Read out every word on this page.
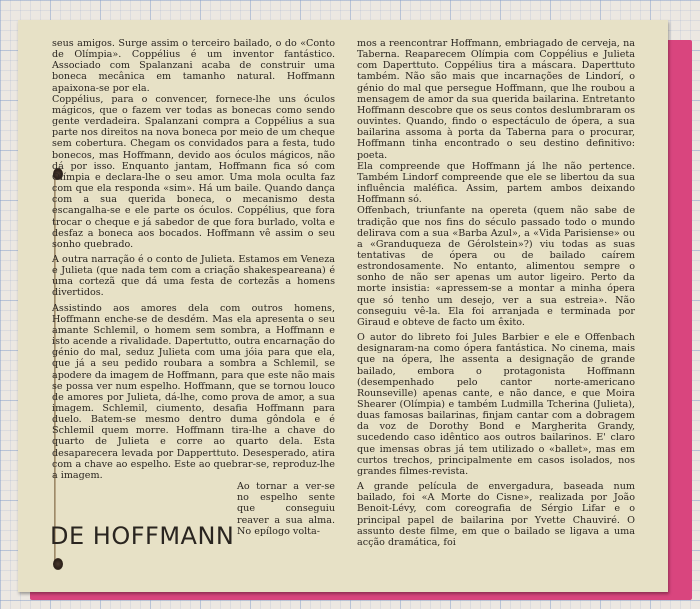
seus amigos. Surge assim o terceiro bailado, o do «Conto de Olímpia». Coppélius é um inventor fantástico. Associado com Spalanzani acaba de construir uma boneca mecânica em tamanho natural. Hoffmann apaixona-se por ela.

Coppélius, para o convencer, fornece-lhe uns óculos mágicos, que o fazem ver todas as bonecas como sendo gente verdadeira. Spalanzani compra a Coppélius a sua parte nos direitos na nova boneca por meio de um cheque sem cobertura. Chegam os convidados para a festa, tudo bonecos, mas Hoffmann, devido aos óculos mágicos, não dá por isso. Enquanto jantam, Hoffmann fica só com Olímpia e declara-lhe o seu amor. Uma mola oculta faz com que ela responda «sim». Há um baile. Quando dança com a sua querida boneca, o mecanismo desta escangalha-se e ele parte os óculos. Coppélius, que fora trocar o cheque e já sabedor de que fora burlado, volta e desfaz a boneca aos bocados. Hoffmann vê assim o seu sonho quebrado.

A outra narração é o conto de Julieta. Estamos em Veneza e Julieta (que nada tem com a criação shakespeareana) é uma cortezã que dá uma festa de cortezãs a homens divertidos.

Assistindo aos amores dela com outros homens, Hoffmann enche-se de desdém. Mas ela apresenta o seu amante Schlemil, o homem sem sombra, a Hoffmann e isto acende a rivalidade. Dapertutto, outra encarnação do génio do mal, seduz Julieta com uma jóia para que ela, que já a seu pedido roubara a sombra a Schlemil, se apodere da imagem de Hoffmann, para que este não mais se possa ver num espelho. Hoffmann, que se tornou louco de amores por Julieta, dá-lhe, como prova de amor, a sua imagem. Schlemil, ciumento, desafia Hoffmann para duelo. Batem-se mesmo dentro duma gôndola e é Schlemil quem morre. Hoffmann tira-lhe a chave do quarto de Julieta e corre ao quarto dela. Esta desaparecera levada por Dapperttuto. Desesperado, atira com a chave ao espelho. Este ao quebrar-se, reproduz-lhe a imagem.

Ao tornar a ver-se no espelho sente que conseguiu reaver a sua alma. No epílogo volta-

DE HOFFMANN

mos a reencontrar Hoffmann, embriagado de cerveja, na Taberna. Reaparecem Olímpia com Coppélius e Julieta com Daperttuto. Coppélius tira a máscara. Daperttuto também. Não são mais que incarnações de Lindorí, o génio do mal que persegue Hoffmann, que lhe roubou a mensagem de amor da sua querida bailarina. Entretanto Hoffmann descobre que os seus contos deslumbraram os ouvintes. Quando, findo o espectáculo de ópera, a sua bailarina assoma à porta da Taberna para o procurar, Hoffmann tinha encontrado o seu destino definitivo: poeta.

Ela compreende que Hoffmann já lhe não pertence. Também Lindorf compreende que ele se libertou da sua influência maléfica. Assim, partem ambos deixando Hoffmann só.

Offenbach, triunfante na opereta (quem não sabe de tradição que nos fins do século passado todo o mundo delirava com a sua «Barba Azul», a «Vida Parisiense» ou a «Granduqueza de Gérolstein»?) viu todas as suas tentativas de ópera ou de bailado caírem estrondosamente. No entanto, alimentou sempre o sonho de não ser apenas um autor ligeiro. Perto da morte insistia: «apressem-se a montar a minha ópera que só tenho um desejo, ver a sua estreia». Não conseguiu vê-la. Ela foi arranjada e terminada por Giraud e obteve de facto um êxito.

O autor do libreto foi Jules Barbier e ele e Offenbach designaram-na como ópera fantástica. No cinema, mais que na ópera, lhe assenta a designação de grande bailado, embora o protagonista Hoffmann (desempenhado pelo cantor norte-americano Rounseville) apenas cante, e não dance, e que Moira Shearer (Olímpia) e também Ludmilla Tcherina (Julieta), duas famosas bailarinas, finjam cantar com a dobragem da voz de Dorothy Bond e Margherita Grandy, sucedendo caso idêntico aos outros bailarinos. E' claro que imensas obras já tem utilizado o «ballet», mas em curtos trechos, principalmente em casos isolados, nos grandes filmes-revista.

A grande película de envergadura, baseada num bailado, foi «A Morte do Cisne», realizada por João Benoit-Lévy, com coreografia de Sérgio Lifar e o principal papel de bailarina por Yvette Chauviré. O assunto deste filme, em que o bailado se ligava a uma acção dramática, foi
